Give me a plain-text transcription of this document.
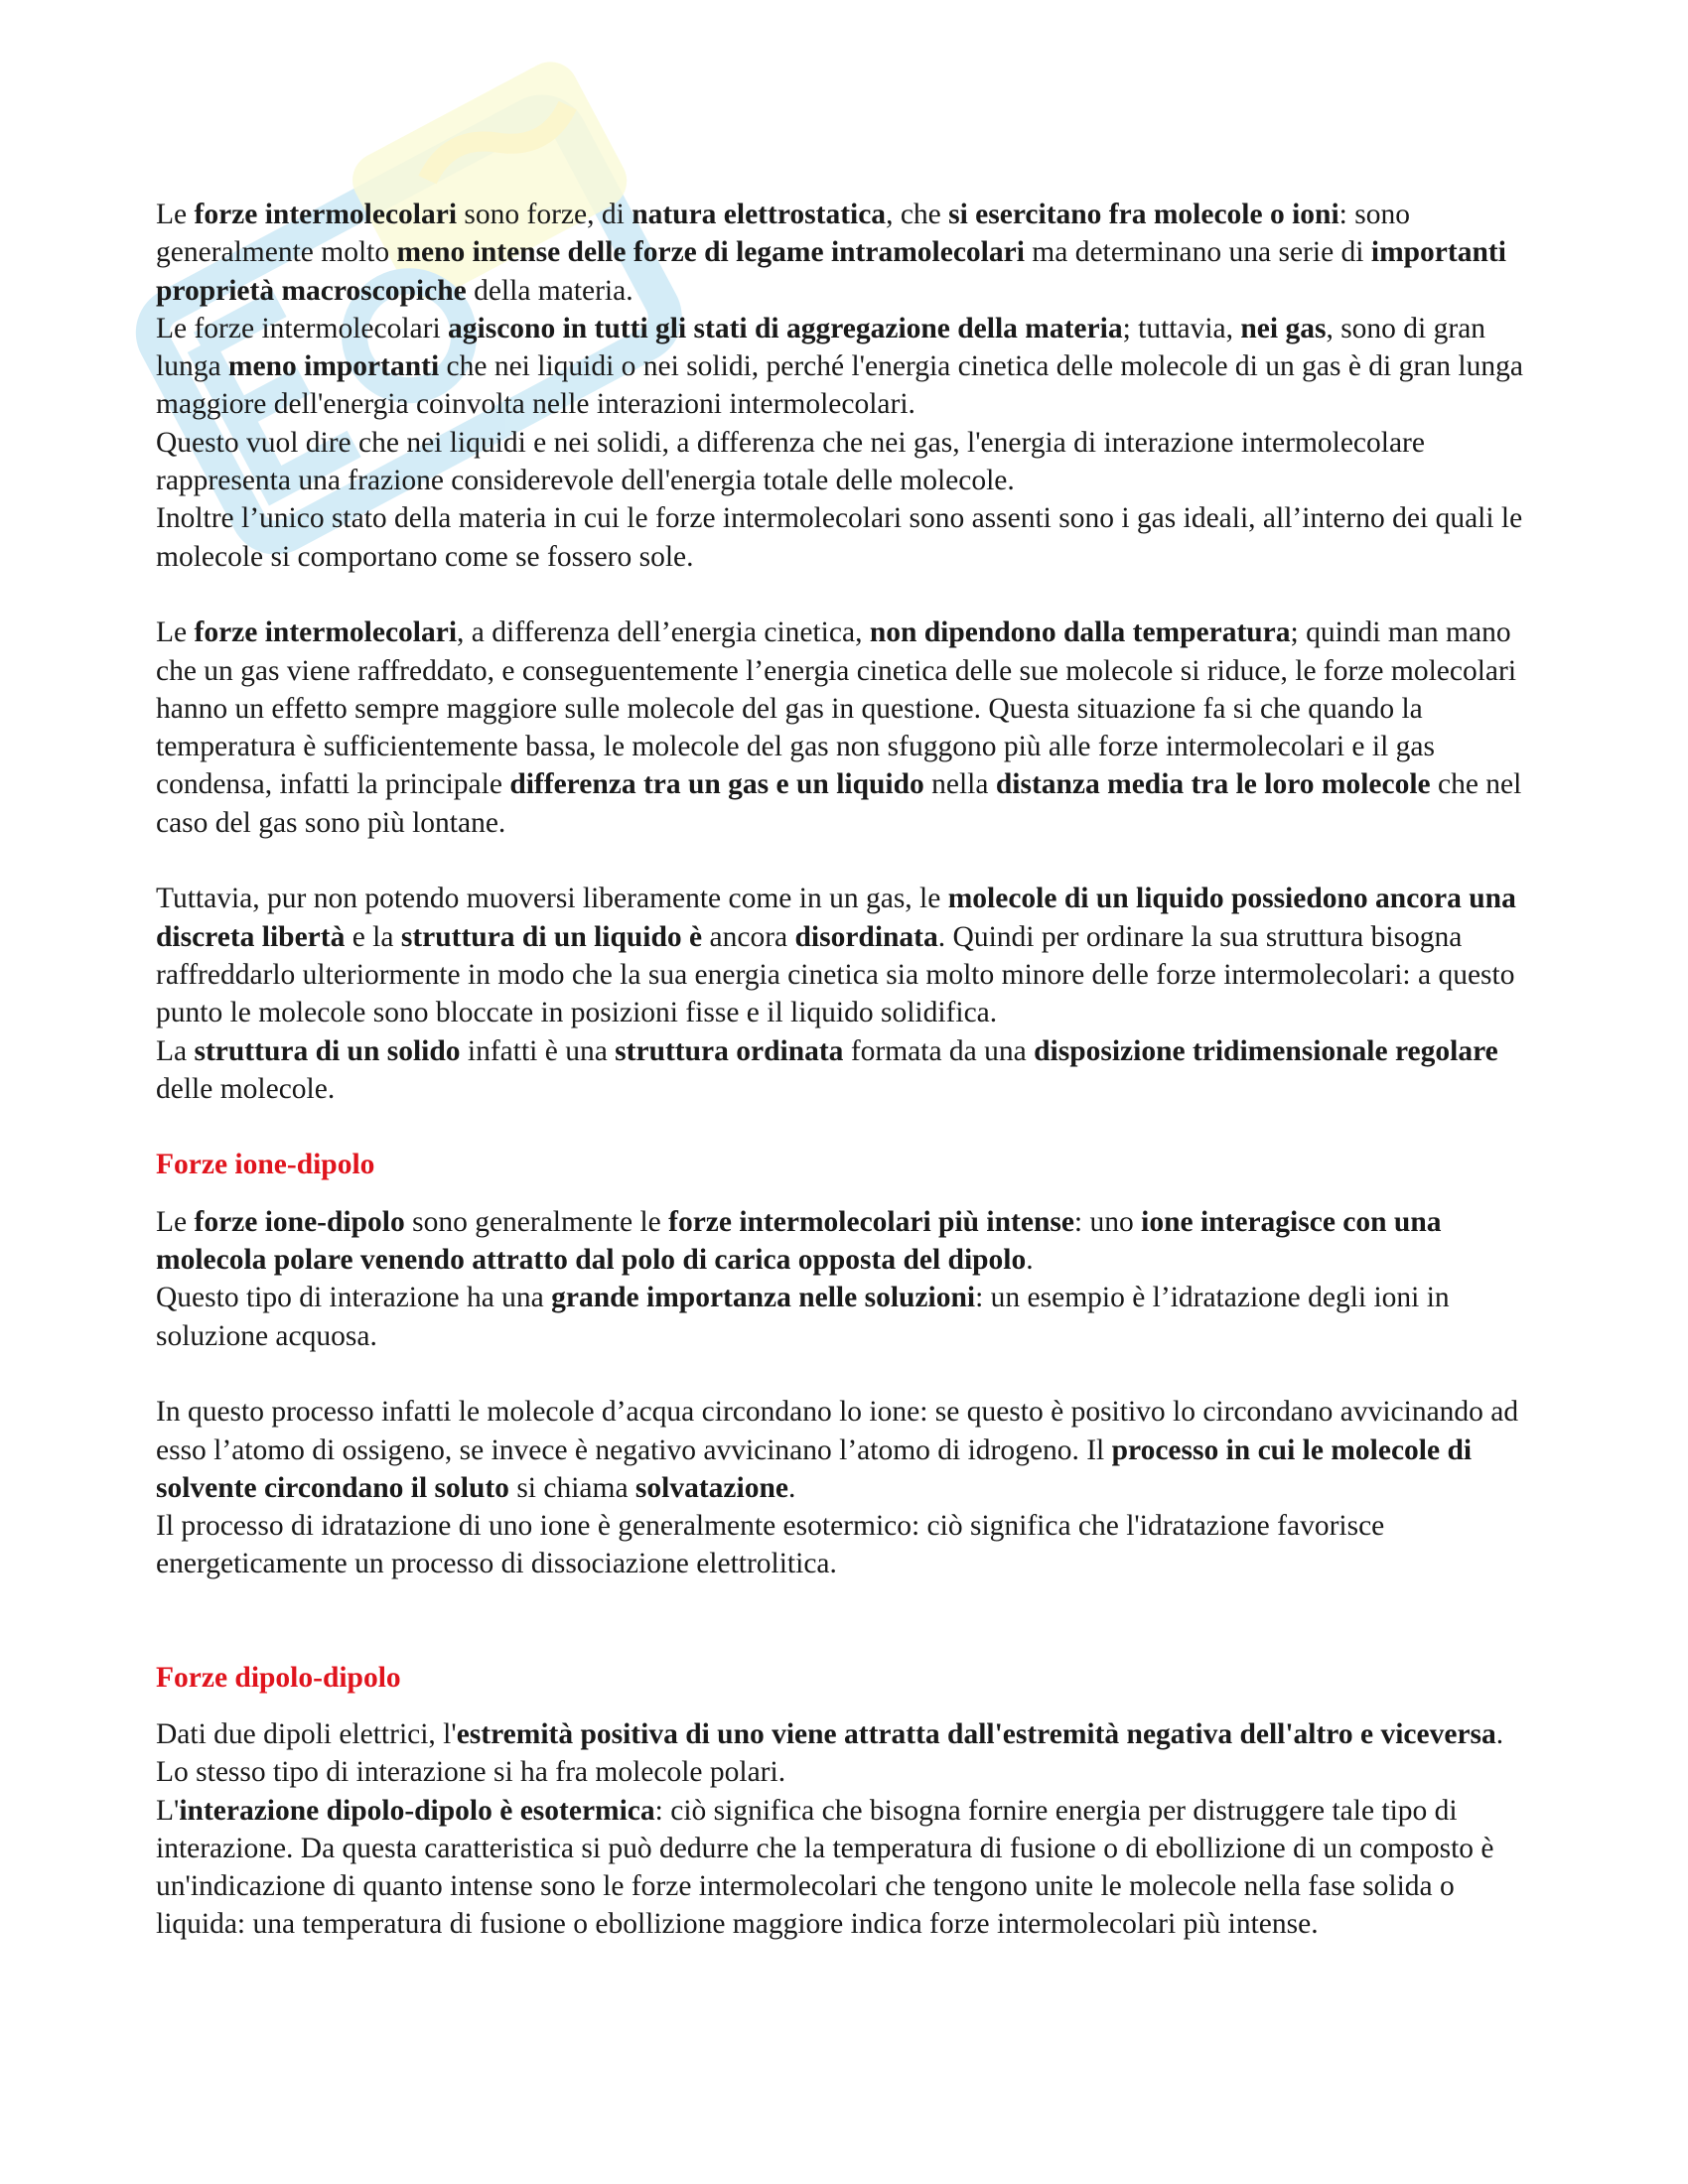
Le forze intermolecolari sono forze, di natura elettrostatica, che si esercitano fra molecole o ioni: sono generalmente molto meno intense delle forze di legame intramolecolari ma determinano una serie di importanti proprietà macroscopiche della materia.

Le forze intermolecolari agiscono in tutti gli stati di aggregazione della materia; tuttavia, nei gas, sono di gran lunga meno importanti che nei liquidi o nei solidi, perché l'energia cinetica delle molecole di un gas è di gran lunga maggiore dell'energia coinvolta nelle interazioni intermolecolari.

Questo vuol dire che nei liquidi e nei solidi, a differenza che nei gas, l'energia di interazione intermolecolare rappresenta una frazione considerevole dell'energia totale delle molecole.

Inoltre l’unico stato della materia in cui le forze intermolecolari sono assenti sono i gas ideali, all’interno dei quali le molecole si comportano come se fossero sole.

Le forze intermolecolari, a differenza dell’energia cinetica, non dipendono dalla temperatura; quindi man mano che un gas viene raffreddato, e conseguentemente l’energia cinetica delle sue molecole si riduce, le forze molecolari hanno un effetto sempre maggiore sulle molecole del gas in questione. Questa situazione fa si che quando la temperatura è sufficientemente bassa, le molecole del gas non sfuggono più alle forze intermolecolari e il gas condensa, infatti la principale differenza tra un gas e un liquido nella distanza media tra le loro molecole che nel caso del gas sono più lontane.

Tuttavia, pur non potendo muoversi liberamente come in un gas, le molecole di un liquido possiedono ancora una discreta libertà e la struttura di un liquido è ancora disordinata. Quindi per ordinare la sua struttura bisogna raffreddarlo ulteriormente in modo che la sua energia cinetica sia molto minore delle forze intermolecolari: a questo punto le molecole sono bloccate in posizioni fisse e il liquido solidifica.

La struttura di un solido infatti è una struttura ordinata formata da una disposizione tridimensionale regolare delle molecole.

Forze ione-dipolo

Le forze ione-dipolo sono generalmente le forze intermolecolari più intense: uno ione interagisce con una molecola polare venendo attratto dal polo di carica opposta del dipolo.

Questo tipo di interazione ha una grande importanza nelle soluzioni: un esempio è l’idratazione degli ioni in soluzione acquosa.

In questo processo infatti le molecole d’acqua circondano lo ione: se questo è positivo lo circondano avvicinando ad esso l’atomo di ossigeno, se invece è negativo avvicinano l’atomo di idrogeno. Il processo in cui le molecole di solvente circondano il soluto si chiama solvatazione.

Il processo di idratazione di uno ione è generalmente esotermico: ciò significa che l'idratazione favorisce energeticamente un processo di dissociazione elettrolitica.

Forze dipolo-dipolo

Dati due dipoli elettrici, l'estremità positiva di uno viene attratta dall'estremità negativa dell'altro e viceversa. Lo stesso tipo di interazione si ha fra molecole polari.

L'interazione dipolo-dipolo è esotermica: ciò significa che bisogna fornire energia per distruggere tale tipo di interazione. Da questa caratteristica si può dedurre che la temperatura di fusione o di ebollizione di un composto è un'indicazione di quanto intense sono le forze intermolecolari che tengono unite le molecole nella fase solida o liquida: una temperatura di fusione o ebollizione maggiore indica forze intermolecolari più intense.
